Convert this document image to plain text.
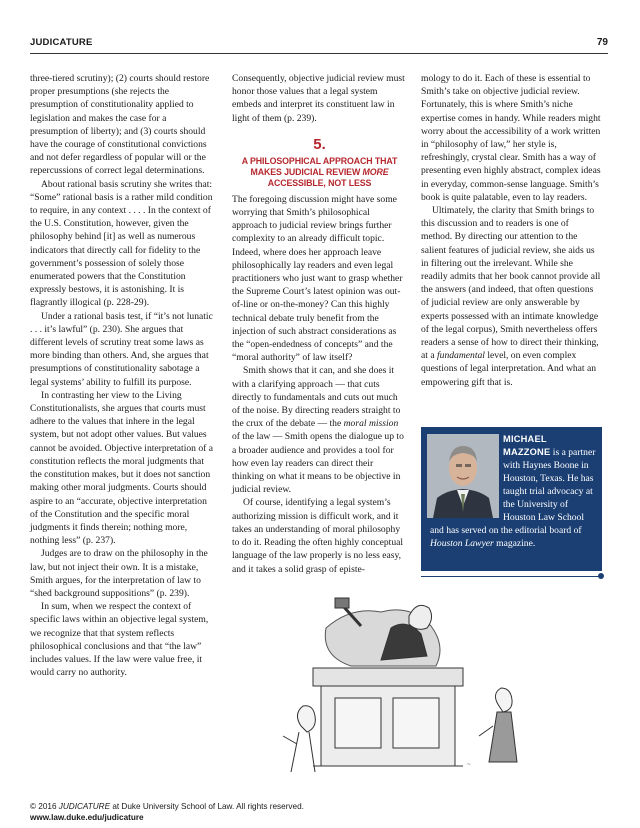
JUDICATURE	79

three-tiered scrutiny); (2) courts should restore proper presumptions (she rejects the presumption of constitutionality applied to legislation and makes the case for a presumption of liberty); and (3) courts should have the courage of constitutional convictions and not defer regardless of popular will or the repercussions of correct legal determinations.

About rational basis scrutiny she writes that:

“Some” rational basis is a rather mild condition to require, in any context . . . . In the context of the U.S. Constitution, however, given the philosophy behind [it] as well as numerous indicators that directly call for fidelity to the government’s possession of solely those enumerated powers that the Constitution expressly bestows, it is astonishing. It is flagrantly illogical (p. 228-29).

Under a rational basis test, if “it’s not lunatic . . . it’s lawful” (p. 230). She argues that different levels of scrutiny treat some laws as more binding than others. And, she argues that presumptions of constitutionality sabotage a legal systems’ ability to fulfill its purpose.

In contrasting her view to the Living Constitutionalists, she argues that courts must adhere to the values that inhere in the legal system, but not adopt other values. But values cannot be avoided. Objective interpretation of a constitution reflects the moral judgments that the constitution makes, but it does not sanction making other moral judgments. Courts should aspire to an “accurate, objective interpretation of the Constitution and the specific moral judgments it finds therein; nothing more, nothing less” (p. 237).

Judges are to draw on the philosophy in the law, but not inject their own. It is a mistake, Smith argues, for the interpretation of law to “shed background suppositions” (p. 239).

In sum, when we respect the context of specific laws within an objective legal system, we recognize that that system reflects philosophical conclusions and that “the law” includes values. If the law were value free, it would carry no authority.

Consequently, objective judicial review must honor those values that a legal system embeds and interpret its constituent law in light of them (p. 239).

5.
A PHILOSOPHICAL APPROACH THAT MAKES JUDICIAL REVIEW MORE ACCESSIBLE, NOT LESS

The foregoing discussion might have some worrying that Smith’s philosophical approach to judicial review brings further complexity to an already difficult topic. Indeed, where does her approach leave philosophically lay readers and even legal practitioners who just want to grasp whether the Supreme Court’s latest opinion was out-of-line or on-the-money? Can this highly technical debate truly benefit from the injection of such abstract considerations as the “open-endedness of concepts” and the “moral authority” of law itself?

Smith shows that it can, and she does it with a clarifying approach — that cuts directly to fundamentals and cuts out much of the noise. By directing readers straight to the crux of the debate — the moral mission of the law — Smith opens the dialogue up to a broader audience and provides a tool for how even lay readers can direct their thinking on what it means to be objective in judicial review.

Of course, identifying a legal system’s authorizing mission is difficult work, and it takes an understanding of moral philosophy to do it. Reading the often highly conceptual language of the law properly is no less easy, and it takes a solid grasp of episte-

mology to do it. Each of these is essential to Smith’s take on objective judicial review. Fortunately, this is where Smith’s niche expertise comes in handy. While readers might worry about the accessibility of a work written in “philosophy of law,” her style is, refreshingly, crystal clear. Smith has a way of presenting even highly abstract, complex ideas in everyday, common-sense language. Smith’s book is quite palatable, even to lay readers.

Ultimately, the clarity that Smith brings to this discussion and to readers is one of method. By directing our attention to the salient features of judicial review, she aids us in filtering out the irrelevant. While she readily admits that her book cannot provide all the answers (and indeed, that often questions of judicial review are only answerable by experts possessed with an intimate knowledge of the legal corpus), Smith nevertheless offers readers a sense of how to direct their thinking, at a fundamental level, on even complex questions of legal interpretation. And what an empowering gift that is.

MICHAEL MAZZONE is a partner with Haynes Boone in Houston, Texas. He has taught trial advocacy at the University of Houston Law School and has served on the editorial board of Houston Lawyer magazine.
~
© 2016 JUDICATURE at Duke University School of Law. All rights reserved.
www.law.duke.edu/judicature
